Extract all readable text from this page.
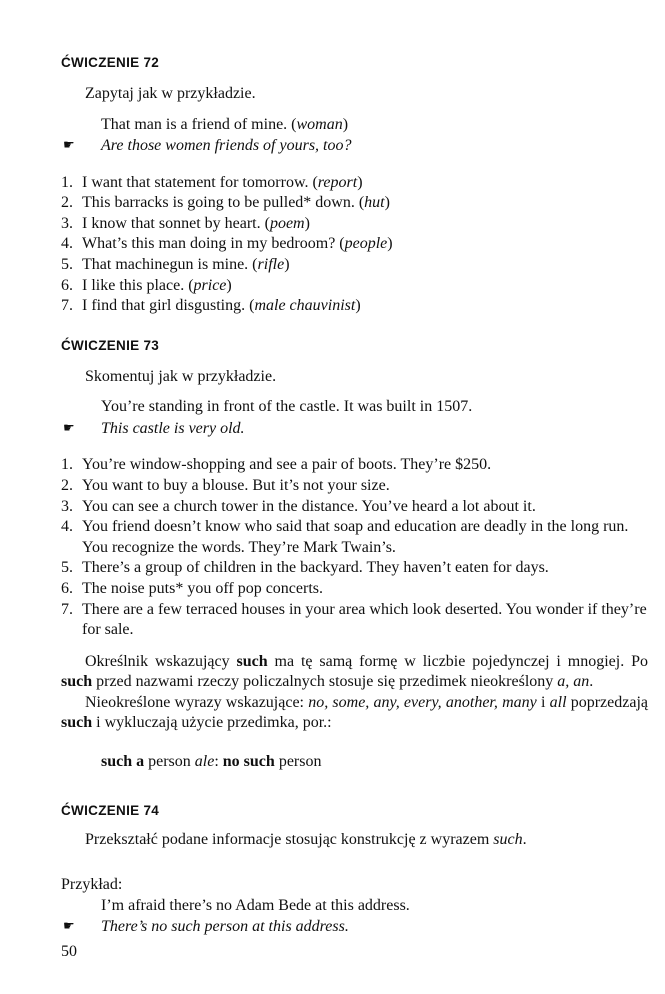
ĆWICZENIE 72

Zapytaj jak w przykładzie.

That man is a friend of mine. (woman)

☛ Are those women friends of yours, too?

1. I want that statement for tomorrow. (report)
2. This barracks is going to be pulled* down. (hut)
3. I know that sonnet by heart. (poem)
4. What’s this man doing in my bedroom? (people)
5. That machinegun is mine. (rifle)
6. I like this place. (price)
7. I find that girl disgusting. (male chauvinist)
ĆWICZENIE 73

Skomentuj jak w przykładzie.

You’re standing in front of the castle. It was built in 1507.

☛ This castle is very old.

1. You’re window-shopping and see a pair of boots. They’re $250.
2. You want to buy a blouse. But it’s not your size.
3. You can see a church tower in the distance. You’ve heard a lot about it.
4. You friend doesn’t know who said that soap and education are deadly in the long run. You recognize the words. They’re Mark Twain’s.
5. There’s a group of children in the backyard. They haven’t eaten for days.
6. The noise puts* you off pop concerts.
7. There are a few terraced houses in your area which look deserted. You wonder if they’re for sale.

Określnik wskazujący such ma tę samą formę w liczbie pojedynczej i mnogiej. Po such przed nazwami rzeczy policzalnych stosuje się przedimek nieokreślony a, an.

Nieokreślone wyrazy wskazujące: no, some, any, every, another, many i all poprzedzają such i wykluczają użycie przedimka, por.:

such a person ale: no such person

ĆWICZENIE 74

Przekształć podane informacje stosując konstrukcję z wyrazem such.

Przykład:

I’m afraid there’s no Adam Bede at this address.

☛ There’s no such person at this address.

50
